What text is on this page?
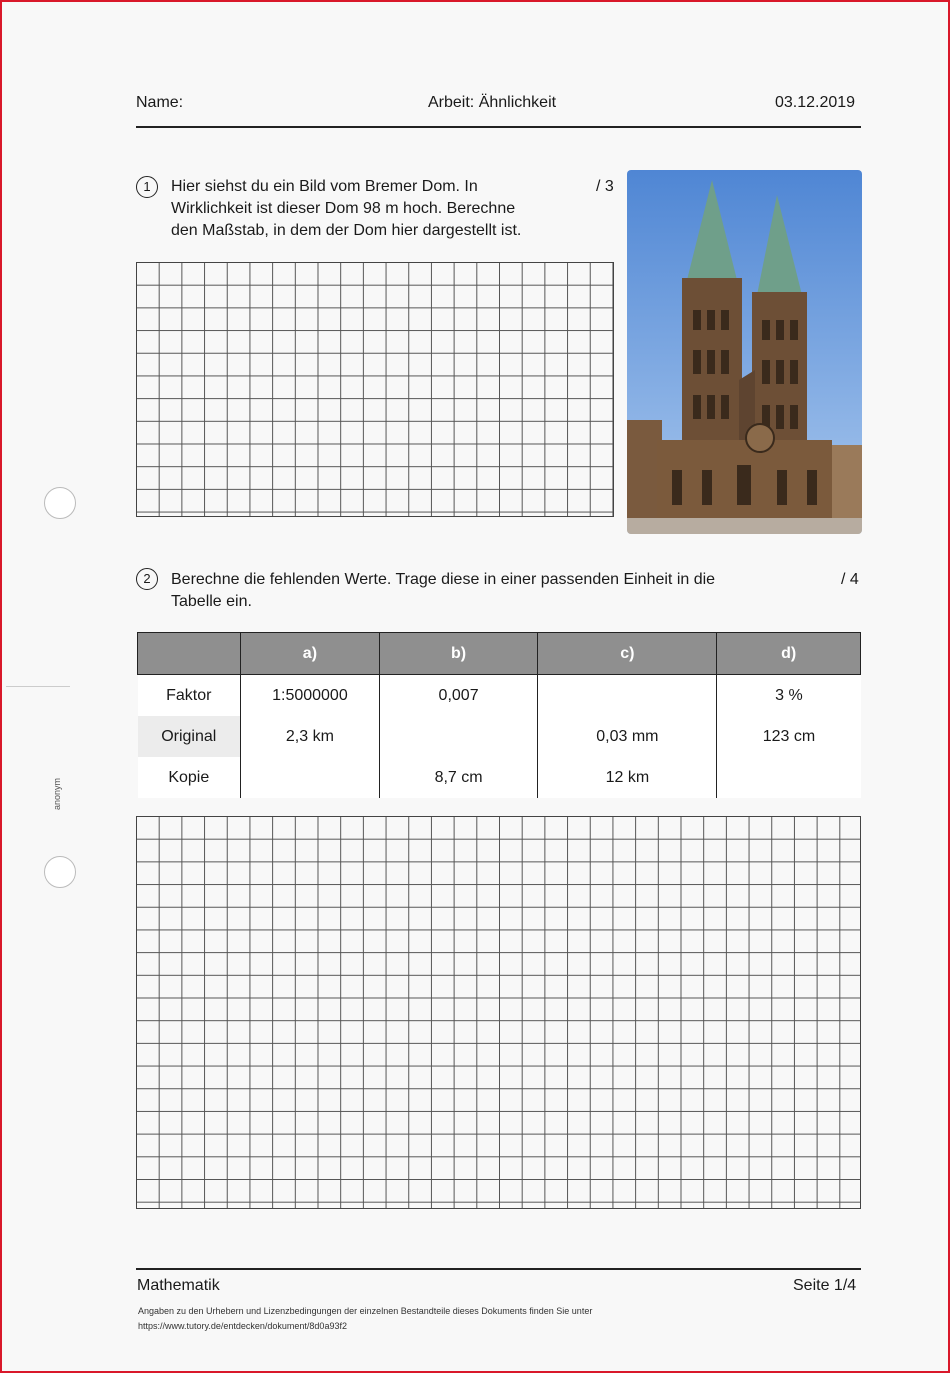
Name:	Arbeit: Ähnlichkeit	03.12.2019
1	Hier siehst du ein Bild vom Bremer Dom. In
Wirklichkeit ist dieser Dom 98 m hoch. Berechne
den Maßstab, in dem der Dom hier dargestellt ist.
/ 3
2	Berechne die fehlenden Werte. Trage diese in einer passenden Einheit in die
Tabelle ein.
/ 4
	a)	b)	c)	d)
Faktor	1:5000000	0,007		3 %
Original	2,3 km		0,03 mm	123 cm
Kopie		8,7 cm	12 km	
anonym
Mathematik	Seite 1/4
Angaben zu den Urhebern und Lizenzbedingungen der einzelnen Bestandteile dieses Dokuments finden Sie unter
https://www.tutory.de/entdecken/dokument/8d0a93f2
